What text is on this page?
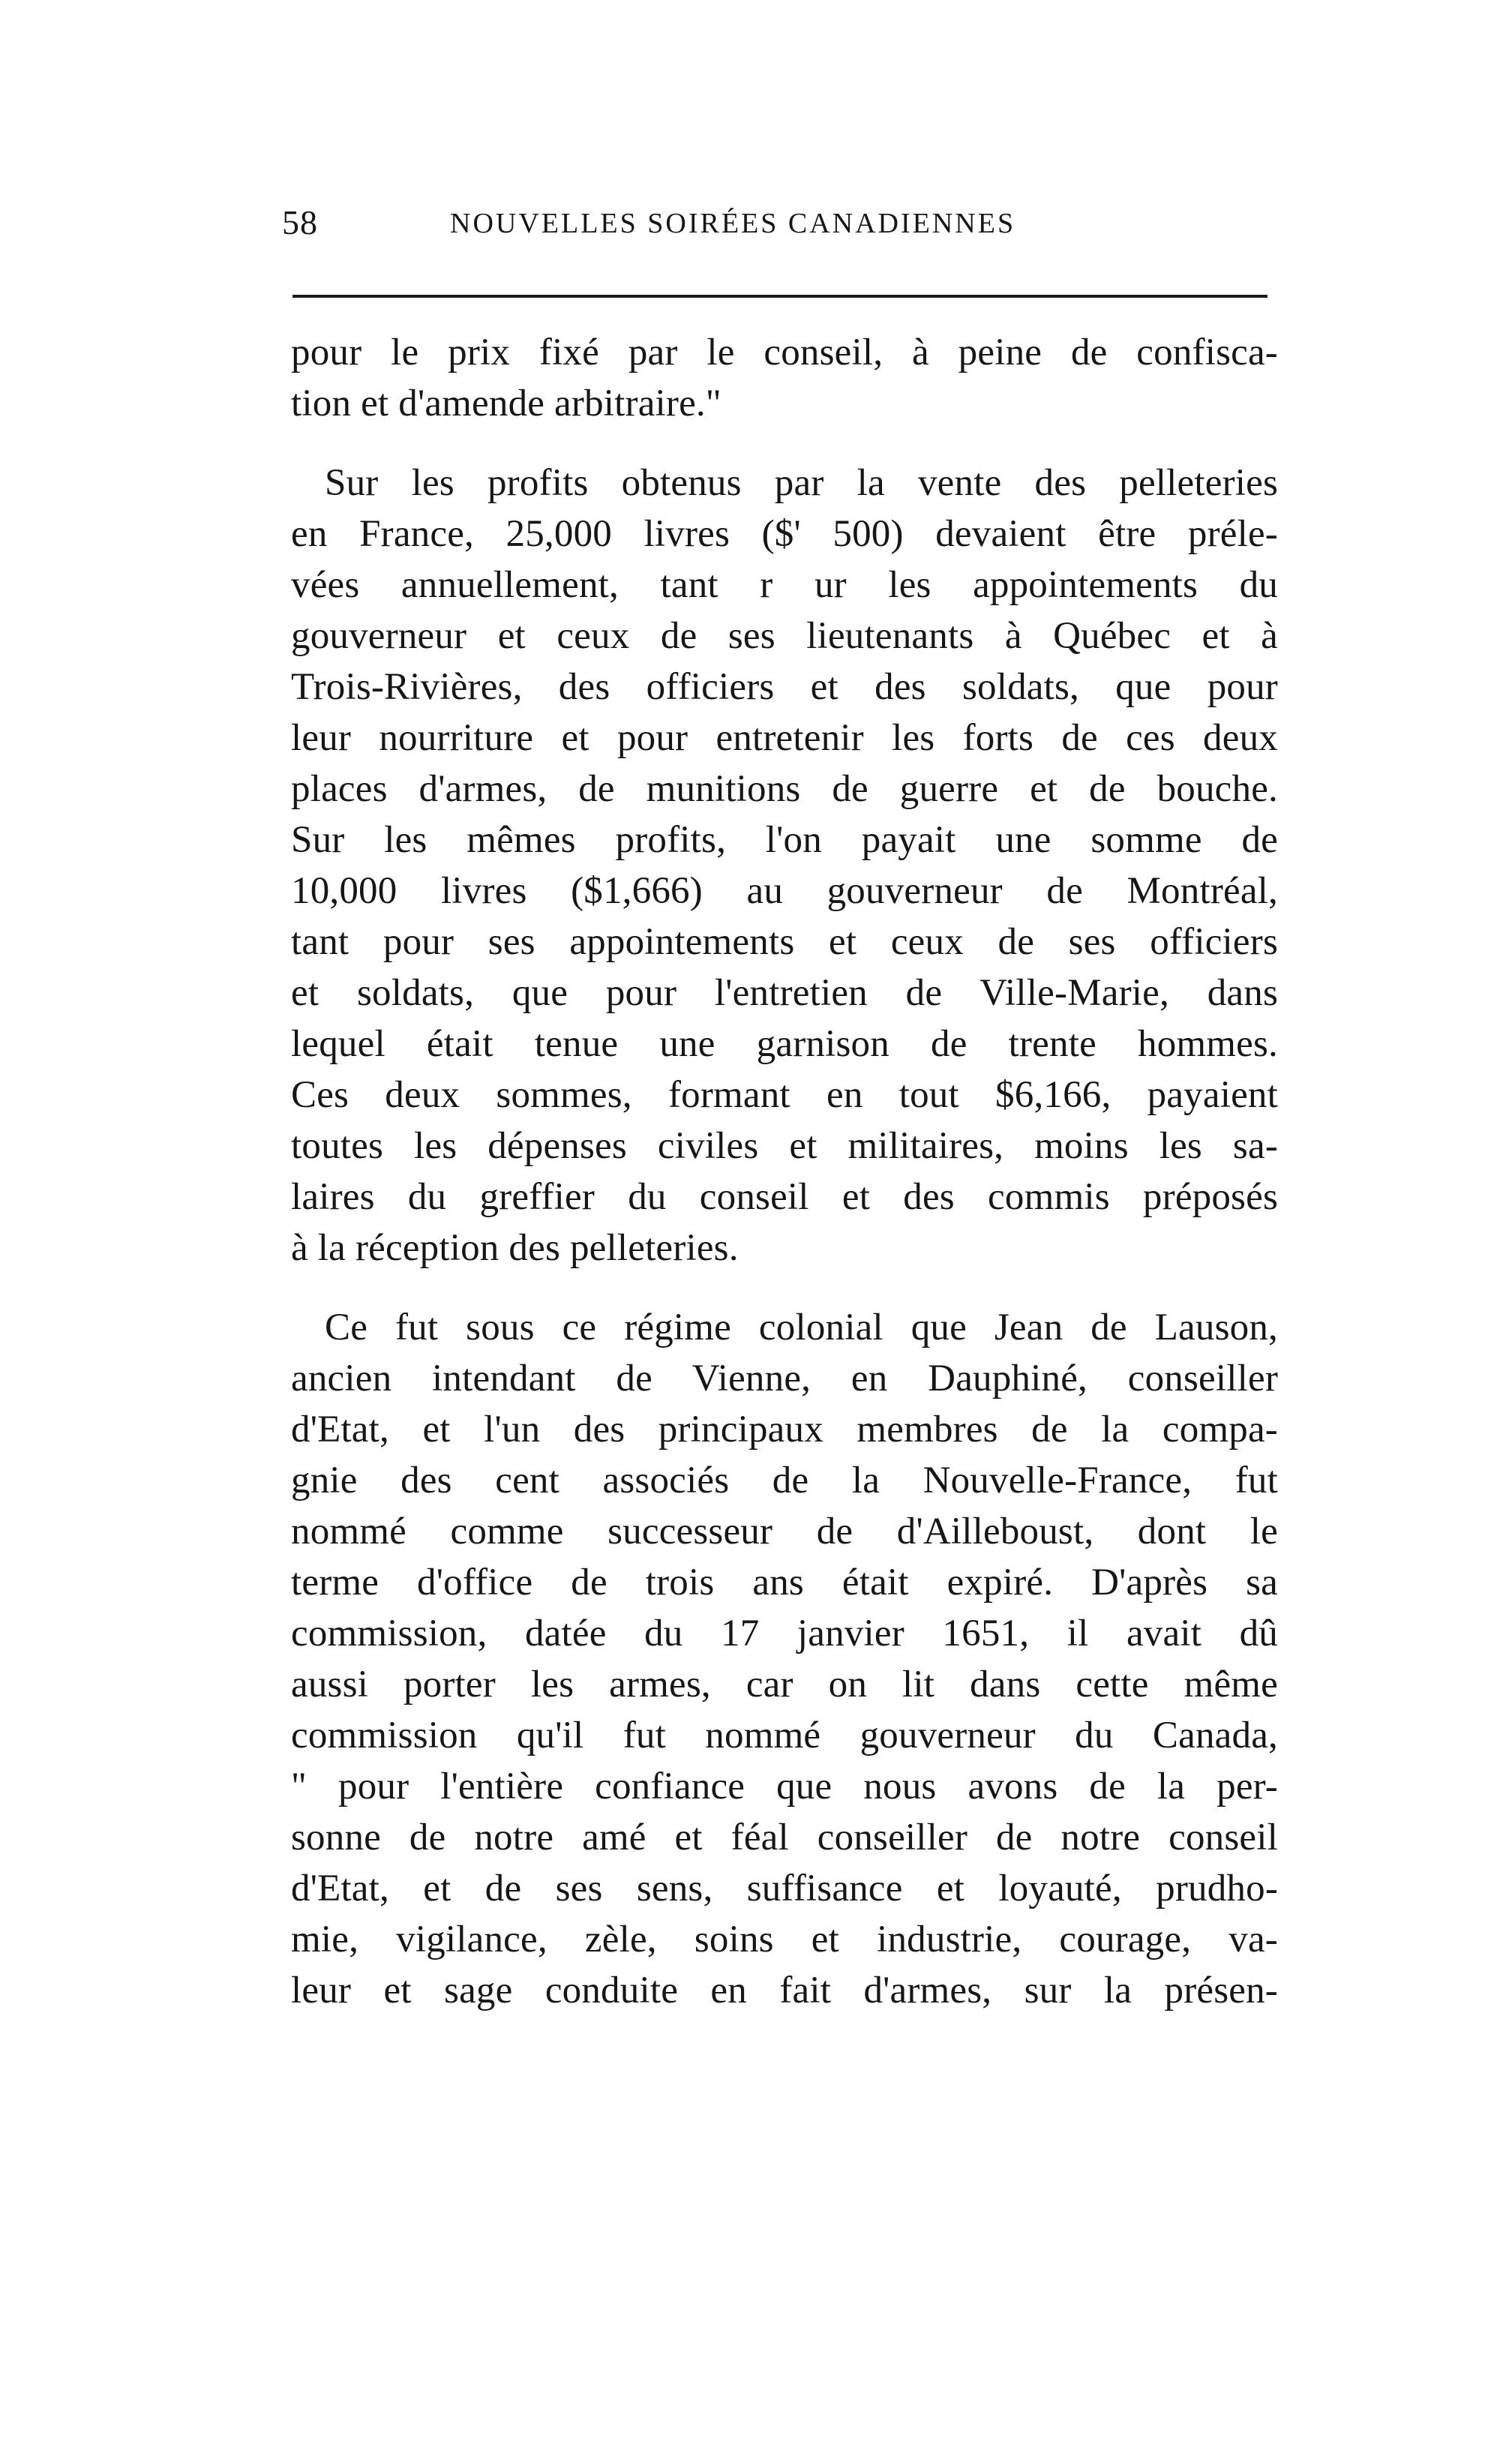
58	NOUVELLES SOIRÉES CANADIENNES
pour le prix fixé par le conseil, à peine de confisca-
tion et d'amende arbitraire."
Sur les profits obtenus par la vente des pelleteries
en France, 25,000 livres ($' 500) devaient être préle-
vées annuellement, tant r ur les appointements du
gouverneur et ceux de ses lieutenants à Québec et à
Trois-Rivières, des officiers et des soldats, que pour
leur nourriture et pour entretenir les forts de ces deux
places d'armes, de munitions de guerre et de bouche.
Sur les mêmes profits, l'on payait une somme de
10,000 livres ($1,666) au gouverneur de Montréal,
tant pour ses appointements et ceux de ses officiers
et soldats, que pour l'entretien de Ville-Marie, dans
lequel était tenue une garnison de trente hommes.
Ces deux sommes, formant en tout $6,166, payaient
toutes les dépenses civiles et militaires, moins les sa-
laires du greffier du conseil et des commis préposés
à la réception des pelleteries.
Ce fut sous ce régime colonial que Jean de Lauson,
ancien intendant de Vienne, en Dauphiné, conseiller
d'Etat, et l'un des principaux membres de la compa-
gnie des cent associés de la Nouvelle-France, fut
nommé comme successeur de d'Ailleboust, dont le
terme d'office de trois ans était expiré. D'après sa
commission, datée du 17 janvier 1651, il avait dû
aussi porter les armes, car on lit dans cette même
commission qu'il fut nommé gouverneur du Canada,
" pour l'entière confiance que nous avons de la per-
sonne de notre amé et féal conseiller de notre conseil
d'Etat, et de ses sens, suffisance et loyauté, prudho-
mie, vigilance, zèle, soins et industrie, courage, va-
leur et sage conduite en fait d'armes, sur la présen-
